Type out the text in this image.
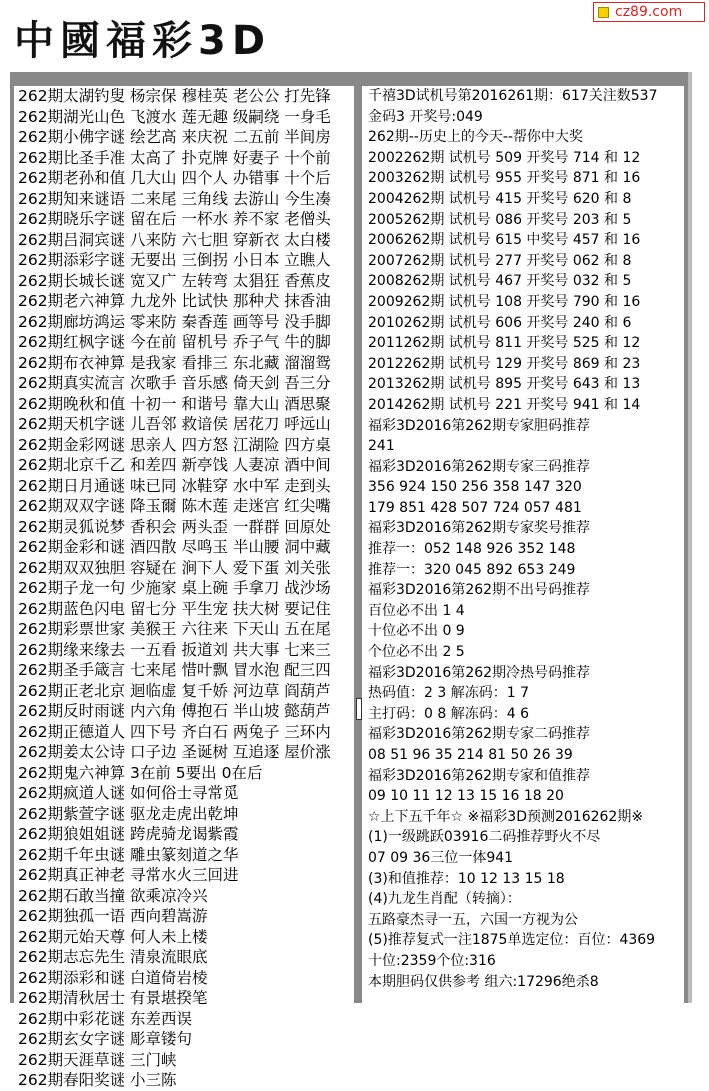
中國福彩3D
cz89.com
262期太湖钓叟 杨宗保 穆桂英 老公公 打先锋
262期湖光山色 飞渡水 莲无趣 级嗣绕 一身毛
262期小佛字谜 绘艺高 来庆祝 二五前 半间房
262期比圣手准 太高了 扑克牌 好妻子 十个前
262期老孙和值 几大山 四个人 办错事 十个后
262期知来谜语 二来尾 三角线 去游山 今生凑
262期晓乐字谜 留在后 一杯水 养不家 老僧头
262期吕洞宾谜 八来防 六七胆 穿新衣 太白楼
262期添彩字谜 无要出 三倒拐 小日本 立瞧人
262期长城长谜 宽又广 左转弯 太猖狂 香蕉皮
262期老六神算 九龙外 比试快 那种犬 抹香油
262期廊坊鸿运 零来防 秦香莲 画等号 没手脚
262期红枫字谜 今在前 留机号 乔子气 牛的脚
262期布衣神算 是我家 看排三 东北藏 溜溜鸳
262期真实流言 次歌手 音乐感 倚天剑 吾三分
262期晚秋和值 十初一 和谐号 靠大山 酒思聚
262期天机字谜 儿吾邻 救谙侯 居花刀 呼远山
262期金彩网谜 思亲人 四方怒 江湖险 四方桌
262期北京千乙 和差四 新亭饯 人妻凉 酒中间
262期日月通谜 味已同 冰鞋穿 水中军 走到头
262期双双字谜 降玉爾 陈木莲 走迷宫 红尖嘴
262期灵狐说梦 香积会 两头歪 一群群 回原处
262期金彩和谜 酒四散 尽鸣玉 半山腰 洞中藏
262期双双独胆 容疑在 涧下人 爱下蛋 刘关张
262期子龙一句 少施家 桌上碗 手拿刀 战沙场
262期蓝色闪电 留七分 平生宠 扶大树 要记住
262期彩票世家 美猴王 六往来 下天山 五在尾
262期缘来缘去 一五看 扳道刘 共大事 七来三
262期圣手箴言 七来尾 惜叶飘 冒水泡 配三四
262期正老北京 迴临虚 复千娇 河边草 阎葫芦
262期反时雨谜 内六角 傅抱石 半山坡 懿葫芦
262期正德道人 四下号 齐白石 两兔子 三环内
262期姜太公诗 口子边 圣诞树 互追逐 屋价涨
262期鬼六神算 3在前 5要出 0在后
262期疯道人谜 如何俗士寻常觅
262期紫萱字谜 驱龙走虎出乾坤
262期狼姐姐谜 跨虎骑龙谒紫霞
262期千年虫谜 雕虫篆刻道之华
262期真正神老 寻常水火三回进
262期石敢当撞 欲乘凉冷兴
262期独孤一语 西向碧嵩游
262期元始天尊 何人未上楼
262期志忘先生 清泉流眼底
262期添彩和谜 白道倚岩棱
262期清秋居士 有景堪揆笔
262期中彩花谜 东差西误
262期玄女字谜 彫章镂句
262期天涯草谜 三门峡
262期春阳奖谜 小三陈
千禧3D试机号第2016261期：617关注数537
金码3 开奖号:049
262期--历史上的今天--帮你中大奖
2002262期 试机号 509 开奖号 714 和 12
2003262期 试机号 955 开奖号 871 和 16
2004262期 试机号 415 开奖号 620 和 8
2005262期 试机号 086 开奖号 203 和 5
2006262期 试机号 615 中奖号 457 和 16
2007262期 试机号 277 开奖号 062 和 8
2008262期 试机号 467 开奖号 032 和 5
2009262期 试机号 108 开奖号 790 和 16
2010262期 试机号 606 开奖号 240 和 6
2011262期 试机号 811 开奖号 525 和 12
2012262期 试机号 129 开奖号 869 和 23
2013262期 试机号 895 开奖号 643 和 13
2014262期 试机号 221 开奖号 941 和 14
福彩3D2016第262期专家胆码推荐
241
福彩3D2016第262期专家三码推荐
356 924 150 256 358 147 320
179 851 428 507 724 057 481
福彩3D2016第262期专家奖号推荐
推荐一：052 148 926 352 148
推荐一：320 045 892 653 249
福彩3D2016第262期不出号码推荐
百位必不出 1 4
十位必不出 0 9
个位必不出 2 5
福彩3D2016第262期冷热号码推荐
热码值：2 3 解冻码：1 7
主打码：0 8 解冻码：4 6
福彩3D2016第262期专家二码推荐
08 51 96 35 214 81 50 26 39
福彩3D2016第262期专家和值推荐
09 10 11 12 13 15 16 18 20
☆上下五千年☆ ※福彩3D预测2016262期※
(1)一级跳跃03916二码推荐野火不尽
07 09 36三位一体941
(3)和值推荐：10 12 13 15 18
(4)九龙生肖配（转摘）：
五路豪杰寻一五，六国一方视为公
(5)推荐复式一注1875单选定位：百位：4369
十位:2359个位:316
本期胆码仅供参考 组六:17296绝杀8
